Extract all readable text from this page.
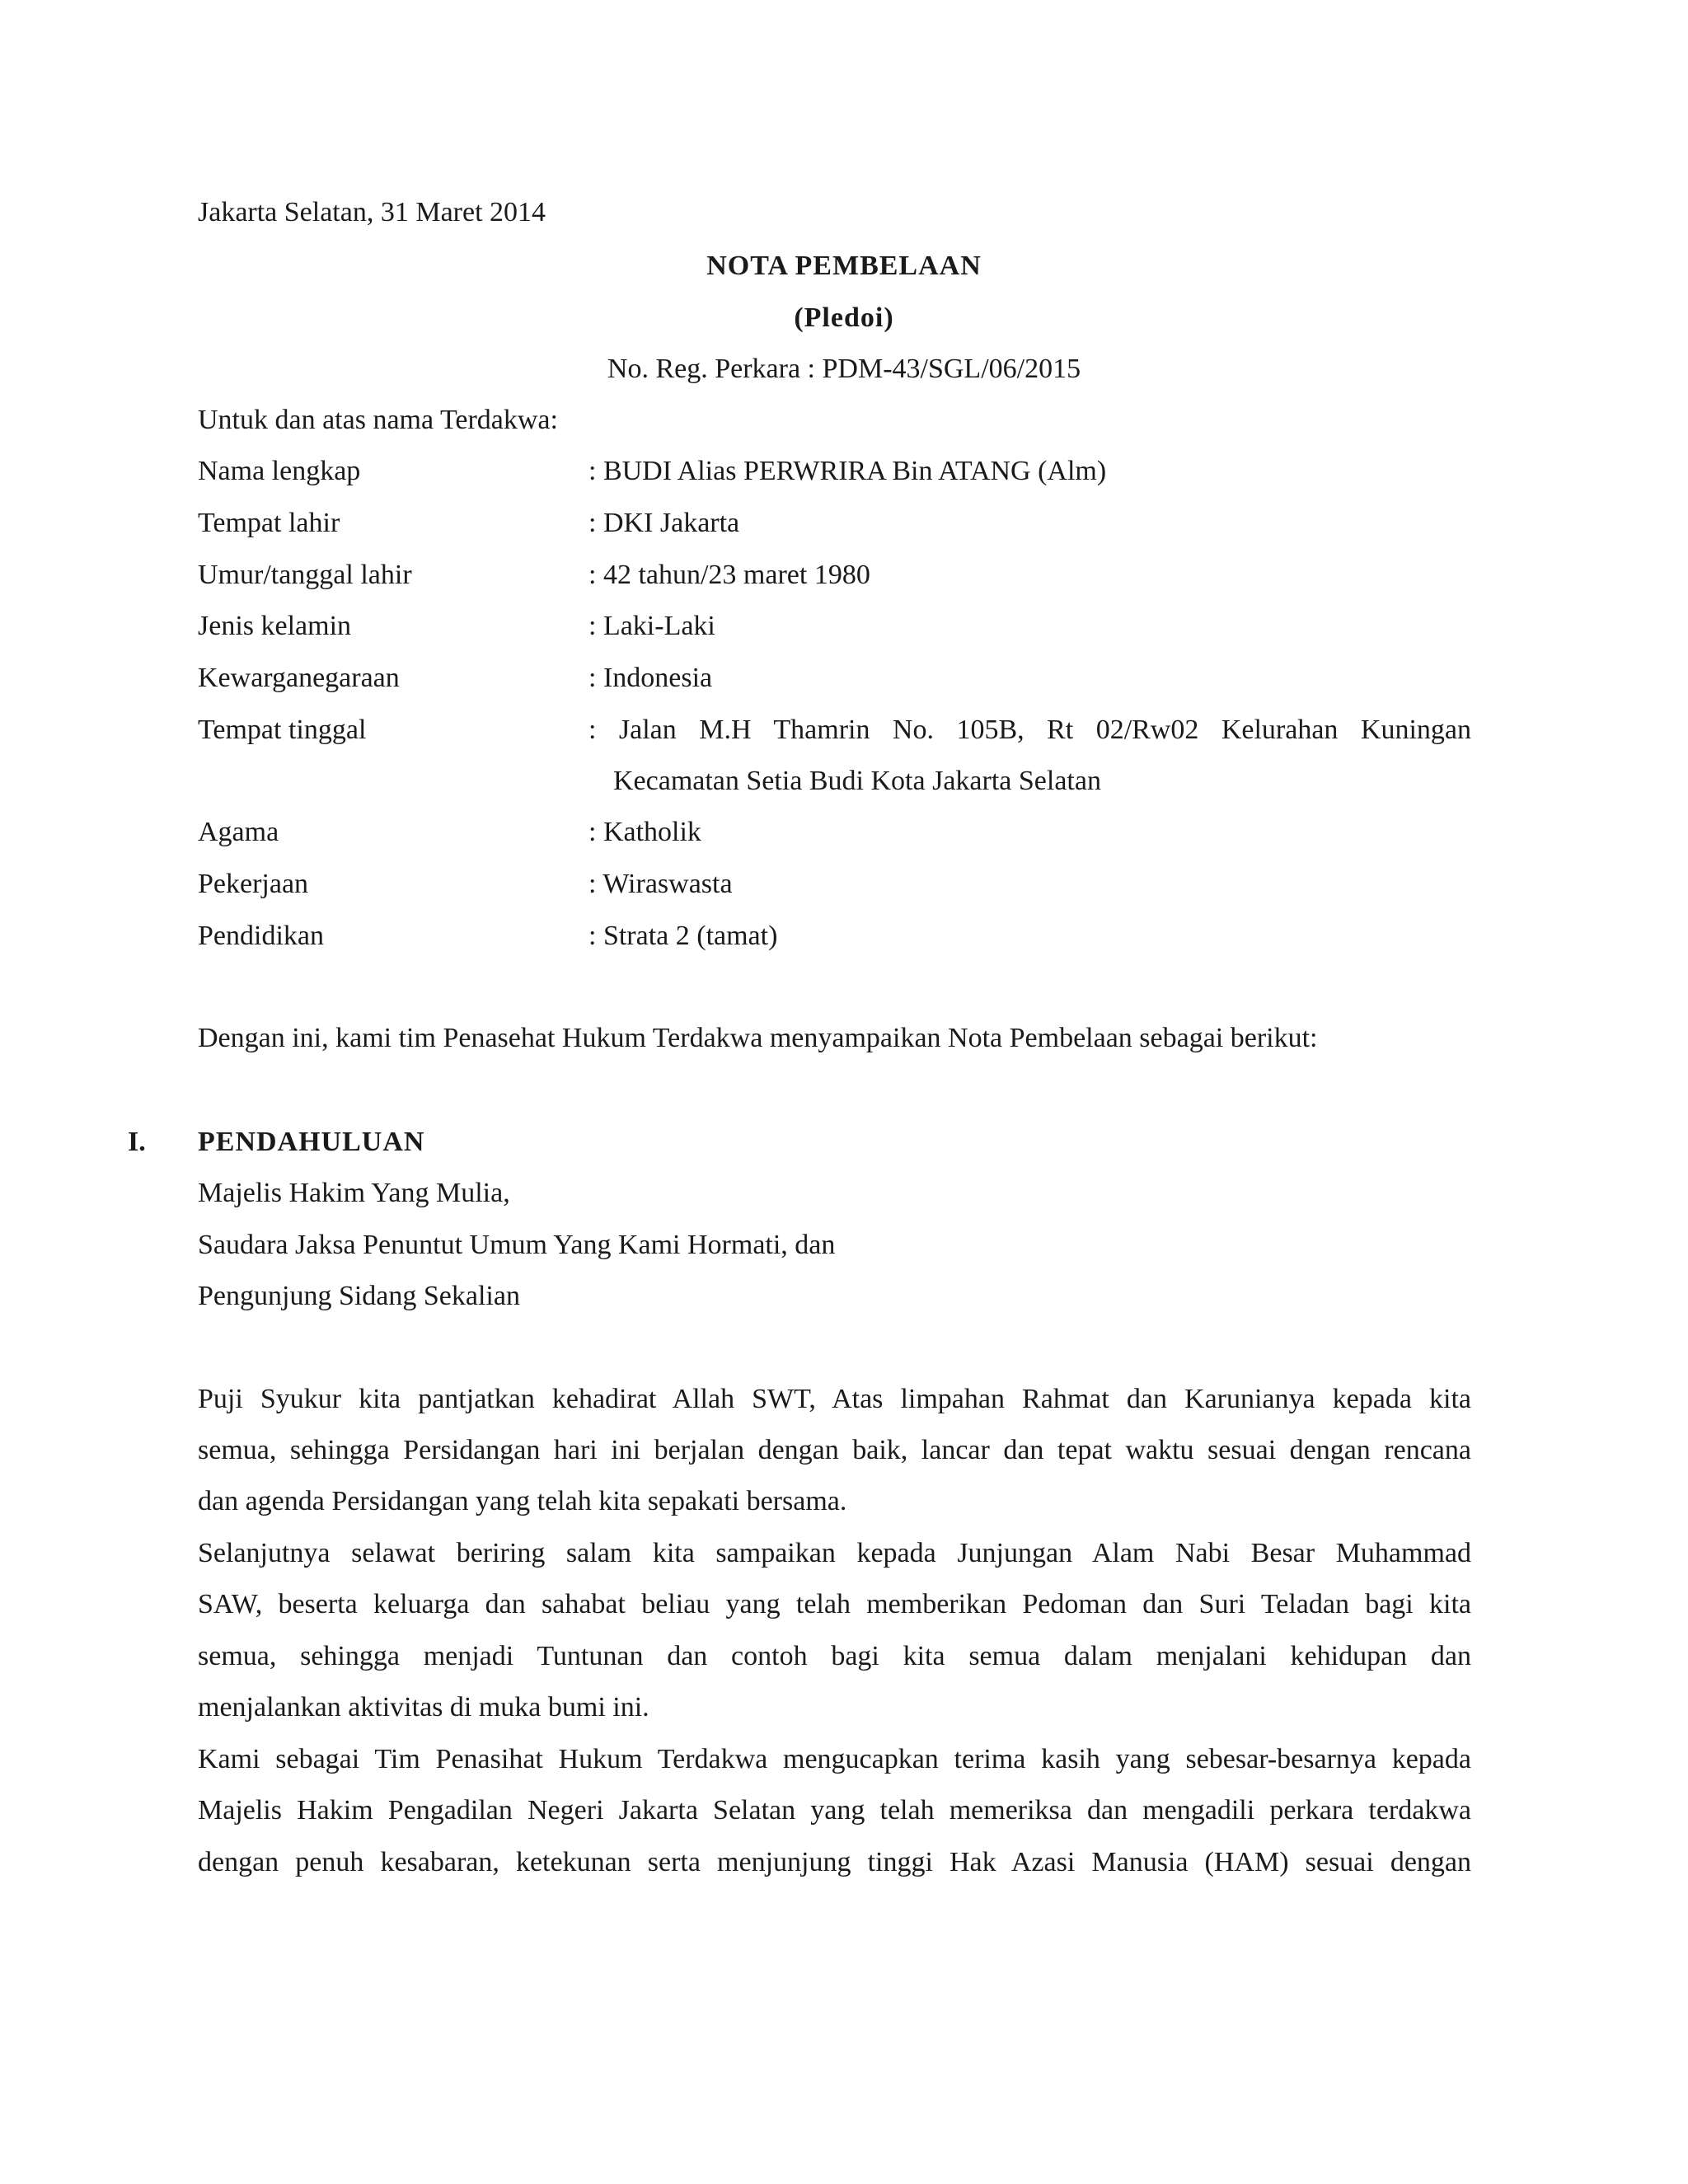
Jakarta Selatan, 31 Maret 2014
NOTA PEMBELAAN
(Pledoi)
No. Reg. Perkara : PDM-43/SGL/06/2015
Untuk dan atas nama Terdakwa:
Nama lengkap	: BUDI Alias PERWRIRA Bin ATANG (Alm)
Tempat lahir	: DKI Jakarta
Umur/tanggal lahir	: 42 tahun/23 maret 1980
Jenis kelamin	: Laki-Laki
Kewarganegaraan	: Indonesia
Tempat tinggal	: Jalan M.H Thamrin No. 105B, Rt 02/Rw02 Kelurahan Kuningan
Kecamatan Setia Budi Kota Jakarta Selatan
Agama	: Katholik
Pekerjaan	: Wiraswasta
Pendidikan	: Strata 2 (tamat)
Dengan ini, kami tim Penasehat Hukum Terdakwa menyampaikan Nota Pembelaan sebagai berikut:
I. PENDAHULUAN
Majelis Hakim Yang Mulia,
Saudara Jaksa Penuntut Umum Yang Kami Hormati, dan
Pengunjung Sidang Sekalian
Puji Syukur kita pantjatkan kehadirat Allah SWT, Atas limpahan Rahmat dan Karunianya kepada kita
semua, sehingga Persidangan hari ini berjalan dengan baik, lancar dan tepat waktu sesuai dengan rencana
dan agenda Persidangan yang telah kita sepakati bersama.
Selanjutnya selawat beriring salam kita sampaikan kepada Junjungan Alam Nabi Besar Muhammad
SAW, beserta keluarga dan sahabat beliau yang telah memberikan Pedoman dan Suri Teladan bagi kita
semua, sehingga menjadi Tuntunan dan contoh bagi kita semua dalam menjalani kehidupan dan
menjalankan aktivitas di muka bumi ini.
Kami sebagai Tim Penasihat Hukum Terdakwa mengucapkan terima kasih yang sebesar-besarnya kepada
Majelis Hakim Pengadilan Negeri Jakarta Selatan yang telah memeriksa dan mengadili perkara terdakwa
dengan penuh kesabaran, ketekunan serta menjunjung tinggi Hak Azasi Manusia (HAM) sesuai dengan
